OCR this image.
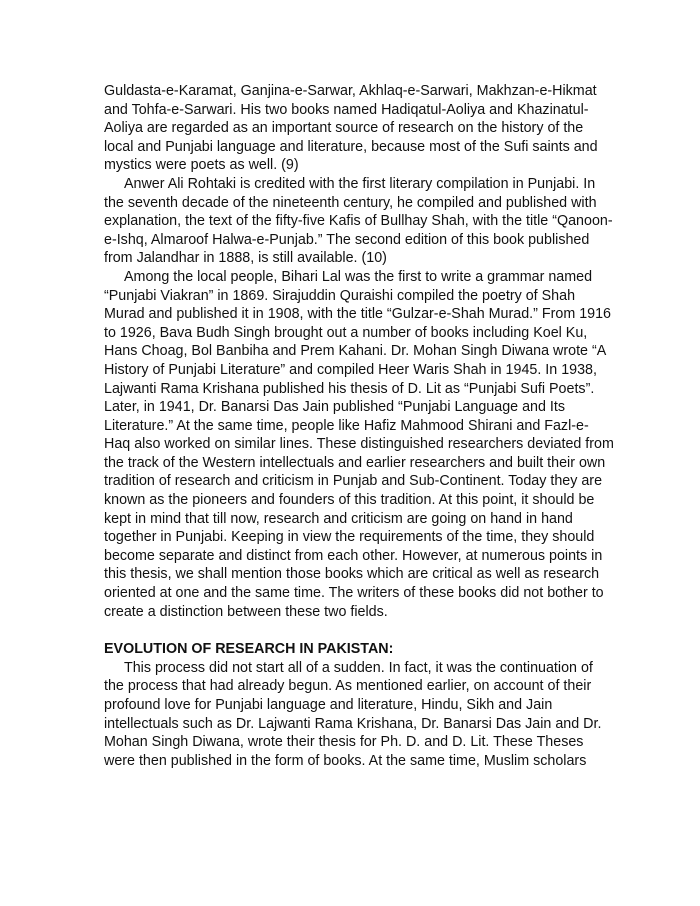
Guldasta-e-Karamat, Ganjina-e-Sarwar, Akhlaq-e-Sarwari, Makhzan-e-Hikmat and Tohfa-e-Sarwari. His two books named Hadiqatul-Aoliya and Khazinatul-Aoliya are regarded as an important source of research on the history of the local and Punjabi language and literature, because most of the Sufi saints and mystics were poets as well. (9)

Anwer Ali Rohtaki is credited with the first literary compilation in Punjabi. In the seventh decade of the nineteenth century, he compiled and published with explanation, the text of the fifty-five Kafis of Bullhay Shah, with the title “Qanoon-e-Ishq, Almaroof Halwa-e-Punjab.” The second edition of this book published from Jalandhar in 1888, is still available. (10)

Among the local people, Bihari Lal was the first to write a grammar named “Punjabi Viakran” in 1869. Sirajuddin Quraishi compiled the poetry of Shah Murad and published it in 1908, with the title “Gulzar-e-Shah Murad.” From 1916 to 1926, Bava Budh Singh brought out a number of books including Koel Ku, Hans Choag, Bol Banbiha and Prem Kahani. Dr. Mohan Singh Diwana wrote “A History of Punjabi Literature” and compiled Heer Waris Shah in 1945. In 1938, Lajwanti Rama Krishana published his thesis of D. Lit as “Punjabi Sufi Poets”. Later, in 1941, Dr. Banarsi Das Jain published “Punjabi Language and Its Literature.” At the same time, people like Hafiz Mahmood Shirani and Fazl-e-Haq also worked on similar lines. These distinguished researchers deviated from the track of the Western intellectuals and earlier researchers and built their own tradition of research and criticism in Punjab and Sub-Continent. Today they are known as the pioneers and founders of this tradition. At this point, it should be kept in mind that till now, research and criticism are going on hand in hand together in Punjabi. Keeping in view the requirements of the time, they should become separate and distinct from each other. However, at numerous points in this thesis, we shall mention those books which are critical as well as research oriented at one and the same time. The writers of these books did not bother to create a distinction between these two fields.

EVOLUTION OF RESEARCH IN PAKISTAN:

This process did not start all of a sudden. In fact, it was the continuation of the process that had already begun. As mentioned earlier, on account of their profound love for Punjabi language and literature, Hindu, Sikh and Jain intellectuals such as Dr. Lajwanti Rama Krishana, Dr. Banarsi Das Jain and Dr. Mohan Singh Diwana, wrote their thesis for Ph. D. and D. Lit. These Theses were then published in the form of books. At the same time, Muslim scholars
